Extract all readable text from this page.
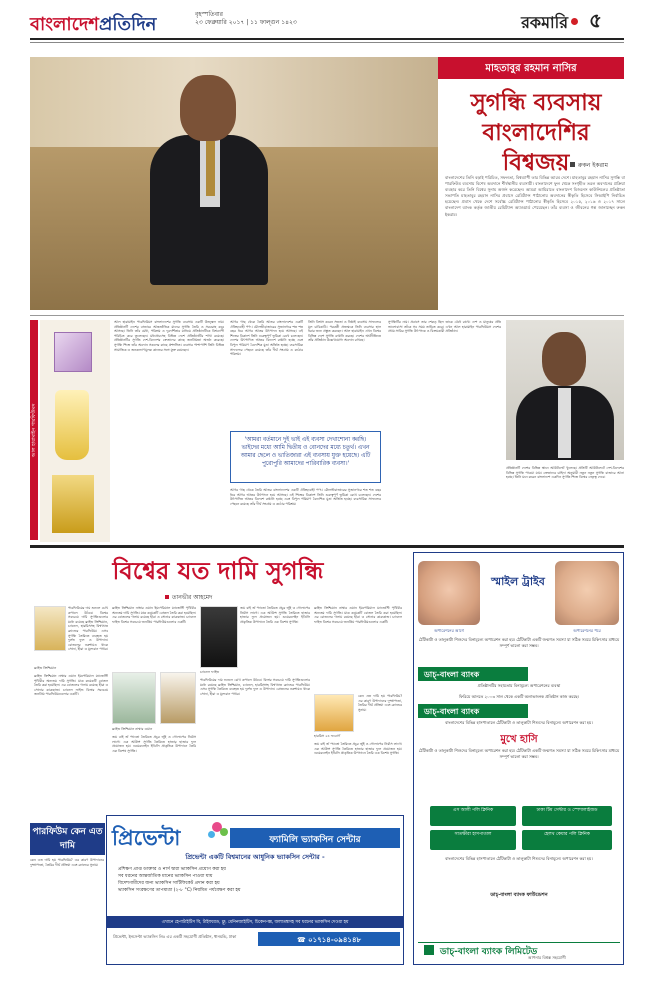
বাংলাদেশপ্রতিদিন	বৃহস্পতিবার
২৩ ফেব্রুয়ারি ২০১৭ | ১১ ফাল্গুন ১৪২৩	রকমারি ৫
মাহতাবুর রহমান নাসির
সুগন্ধি ব্যবসায়
বাংলাদেশির বিশ্বজয়	রুকন ইকরাম
বাংলাদেশের তিনি বড়াই পরিচিত, সফলতা, বিশ্বব্যাপী তার বিভিন্ন আরব দেশে। মাহতাবুর রহমান নাসির সুগন্ধি বা পারফিউম ব্যবসায় বিশেষ অবদানে শীর্ষস্থানীয় ব্যবসায়ী। বাংলাদেশে ফুল থেকে সংগৃহীত তরল অবদানের প্রক্রিয়া ব্যবহার করে তিনি বিশ্বের সুনাম অর্জন করেছেন। আমরা আমিরাতে বাংলাদেশ বিজনেস কাউন্সিলের প্রতিষ্ঠাতা সভাপতি মাহতাবুর রহমান নাসির প্রবাসে রেমিট্যান্স পাঠানোয় অবদানের স্বীকৃতি হিসেবে সিআইপি নির্বাচিত হয়েছেন। প্রবাস থেকে দেশে সর্বোচ্চ রেমিট্যান্স পাঠানোর স্বীকৃতি হিসেবে ২০১৫, ২০১৬ ও ২০১৭ সালে বাংলাদেশ ব্যাংক কর্তৃক জাতীয় রেমিট্যান্স অ্যাওয়ার্ড পেয়েছেন। তাঁর ব্যবসা ও জীবনের গল্প জানাচ্ছেন রুকন ইকরাম।
আল হারামাইন পারফিউমস
আল হারামাইন পারফিউমস বাংলাদেশের সুগন্ধি ব্যবসায় একটি উজ্জ্বল নাম। প্রতিষ্ঠানটি দেশের বাজারে আন্তর্জাতিক মানের সুগন্ধি তৈরি ও সরবরাহ করে আসছে। তিনি তাঁর মেধা, পরিশ্রম ও দূরদর্শিতার মাধ্যমে প্রতিষ্ঠানটিকে বিশ্বব্যাপী পরিচিত করে তুলেছেন। মধ্যপ্রাচ্যসহ বিভিন্ন দেশে প্রতিষ্ঠানটির শাখা রয়েছে। প্রতিষ্ঠানটির সুগন্ধি দেশ-বিদেশের ক্রেতাদের কাছে জনপ্রিয়তা অর্জন করেছে। সুগন্ধি শিল্পে তাঁর অবদান সকলের কাছে প্রশংসিত। ব্যবসার পাশাপাশি তিনি বিভিন্ন সামাজিক ও জনকল্যাণমূলক কাজের সঙ্গে যুক্ত রয়েছেন।
আগর গাছ থেকে তৈরি আতর বাংলাদেশের একটি ঐতিহ্যবাহী পণ্য। মৌলভীবাজারের সুজানগরে শত শত বছর ধরে আগর আতর উৎপাদন হয়ে আসছে। এই শিল্পের বিকাশে তিনি গুরুত্বপূর্ণ ভূমিকা রেখে চলেছেন। দেশের উৎপাদিত আতর বিদেশে রপ্তানি হচ্ছে এবং বিপুল পরিমাণ বৈদেশিক মুদ্রা অর্জিত হচ্ছে। ব্যবসায়িক সাফল্যের পেছনে রয়েছে তাঁর দীর্ঘ সংগ্রাম ও কঠোর পরিশ্রম।
তিনি বিশ্বাস করেন সততা ও নিষ্ঠাই ব্যবসায় সাফল্যের মূল চাবিকাঠি। পরবর্তী প্রজন্মকে তিনি ব্যবসার হাল ধরার জন্য প্রস্তুত করছেন। আল হারামাইন এখন বিশ্বের বিভিন্ন দেশে সুগন্ধি রপ্তানি করছে। দেশের অর্থনীতিতে তাঁর প্রতিষ্ঠান উল্লেখযোগ্য অবদান রাখছে।
'আমরা বর্তমানে দুই ভাই এই ব্যবসা দেখাশোনা করছি। ভাইদের মধ্যে আমি দ্বিতীয় ও বোনদের মধ্যে চতুর্থ। এখন আমার ছেলে ও ভাতিজারা এই ব্যবসায় যুক্ত হয়েছে। এটি পুরোপুরি আমাদের পারিবারিক ব্যবসা।'
আগর গাছ থেকে তৈরি আতর বাংলাদেশের একটি ঐতিহ্যবাহী পণ্য। মৌলভীবাজারের সুজানগরে শত শত বছর ধরে আগর আতর উৎপাদন হয়ে আসছে। এই শিল্পের বিকাশে তিনি গুরুত্বপূর্ণ ভূমিকা রেখে চলেছেন। দেশের উৎপাদিত আতর বিদেশে রপ্তানি হচ্ছে এবং বিপুল পরিমাণ বৈদেশিক মুদ্রা অর্জিত হচ্ছে। ব্যবসায়িক সাফল্যের পেছনে রয়েছে তাঁর দীর্ঘ সংগ্রাম ও কঠোর পরিশ্রম।
সুগন্ধিটির নাম। প্রবাসে তার শেকড় ছিল তাকে বেঁধে রাখে। দেশ ও মানুষের প্রতি ভালোবাসা তাঁকে সব সময় তাড়িত করে। এখন আল হারামাইন পারফিউমস দেশের প্রথম সারির সুগন্ধি উৎপাদক ও বিক্রয়কারী প্রতিষ্ঠান।
প্রতিষ্ঠানটি দেশের বিভিন্ন স্থানে আউটলেট খুলেছে। প্রতিটি আউটলেটে দেশ-বিদেশের বিভিন্ন সুগন্ধি পাওয়া যায়। ক্রেতাদের চাহিদা অনুযায়ী নতুন নতুন সুগন্ধি বাজারে আনা হচ্ছে। তিনি মনে করেন বাংলাদেশ একদিন সুগন্ধি শিল্পে বিশ্বের নেতৃত্ব দেবে।
বিশ্বের যত দামি সুগন্ধি
তানভীর আহমেদ
পারফিউমের দাম শুনলে চোখ কপালে উঠবে। বিশ্বের সবচেয়ে দামি সুগন্ধিগুলোর মধ্যে রয়েছে ক্লাইভ ক্রিশ্চিয়ান, চ্যানেল, হারমিসসহ বিশ্বখ্যাত ব্র্যান্ডের পারফিউম। এসব সুগন্ধি তৈরিতে ব্যবহৃত হয় দুর্লভ ফুল ও উপাদান। বোতলের নকশায়ও থাকে সোনা, হীরা ও মূল্যবান পাথর।
ক্লাইভ ক্রিশ্চিয়ান
ক্লাইভ ক্রিশ্চিয়ান নাম্বার ওয়ান ইমপেরিয়াল ম্যাজেস্টি পৃথিবীর অন্যতম দামি সুগন্ধি। মাত্র কয়েকটি বোতল তৈরি করা হয়েছিল। এর বোতলের গলায় রয়েছে হীরা ও সোনার কারুকাজ। চ্যানেল ফাইভ বিশ্বের সবচেয়ে জনপ্রিয় পারফিউমগুলোর একটি।
ক্লাইভ ক্রিশ্চিয়ান নাম্বার ওয়ান ইমপেরিয়াল ম্যাজেস্টি পৃথিবীর অন্যতম দামি সুগন্ধি। মাত্র কয়েকটি বোতল তৈরি করা হয়েছিল। এর বোতলের গলায় রয়েছে হীরা ও সোনার কারুকাজ। চ্যানেল ফাইভ বিশ্বের সবচেয়ে জনপ্রিয় পারফিউমগুলোর একটি।
ক্লাইভ ক্রিশ্চিয়ান নাম্বার ওয়ান
জয় বাই জঁ প্যাতো তৈরিতে প্রচুর জুঁই ও গোলাপের নির্যাস লাগে। এক আউন্স সুগন্ধি তৈরিতে হাজার হাজার ফুল প্রয়োজন হয়। গুয়েরলেইন ইডিলি প্রাকৃতিক উপাদানে তৈরি এক বিশেষ সুগন্ধি।
চ্যানেল ফাইভ
জয় বাই জঁ প্যাতো তৈরিতে প্রচুর জুঁই ও গোলাপের নির্যাস লাগে। এক আউন্স সুগন্ধি তৈরিতে হাজার হাজার ফুল প্রয়োজন হয়। গুয়েরলেইন ইডিলি প্রাকৃতিক উপাদানে তৈরি এক বিশেষ সুগন্ধি।
পারফিউমের দাম শুনলে চোখ কপালে উঠবে। বিশ্বের সবচেয়ে দামি সুগন্ধিগুলোর মধ্যে রয়েছে ক্লাইভ ক্রিশ্চিয়ান, চ্যানেল, হারমিসসহ বিশ্বখ্যাত ব্র্যান্ডের পারফিউম। এসব সুগন্ধি তৈরিতে ব্যবহৃত হয় দুর্লভ ফুল ও উপাদান। বোতলের নকশায়ও থাকে সোনা, হীরা ও মূল্যবান পাথর।
ক্লাইভ ক্রিশ্চিয়ান নাম্বার ওয়ান ইমপেরিয়াল ম্যাজেস্টি পৃথিবীর অন্যতম দামি সুগন্ধি। মাত্র কয়েকটি বোতল তৈরি করা হয়েছিল। এর বোতলের গলায় রয়েছে হীরা ও সোনার কারুকাজ। চ্যানেল ফাইভ বিশ্বের সবচেয়ে জনপ্রিয় পারফিউমগুলোর একটি।
হারমিস ২৪ ফবোর্গ
কেন এত দামি হয় পারফিউম? এর কারণ উপাদানের দুষ্প্রাপ্যতা, তৈরির দীর্ঘ প্রক্রিয়া এবং ব্র্যান্ডের সুনাম।
জয় বাই জঁ প্যাতো তৈরিতে প্রচুর জুঁই ও গোলাপের নির্যাস লাগে। এক আউন্স সুগন্ধি তৈরিতে হাজার হাজার ফুল প্রয়োজন হয়। গুয়েরলেইন ইডিলি প্রাকৃতিক উপাদানে তৈরি এক বিশেষ সুগন্ধি।
পারফিউম কেন এত দামি
কেন এত দামি হয় পারফিউম? এর কারণ উপাদানের দুষ্প্রাপ্যতা, তৈরির দীর্ঘ প্রক্রিয়া এবং ব্র্যান্ডের সুনাম।
প্রিভেন্টা	ফ্যামিলি ভ্যাকসিন সেন্টার
প্রিভেন্টা একটি বিশ্বমানের আধুনিক ভ্যাকসিন সেন্টার -
প্রশিক্ষণ প্রাপ্ত ডাক্তার ও নার্স দ্বারা ভ্যাকসিন প্রয়োগ করা হয়
সব ধরনের আন্তর্জাতিক মানের ভ্যাকসিন পাওয়া যায়
বিদেশগামীদের জন্য ভ্যাকসিন সার্টিফিকেট প্রদান করা হয়
ভ্যাকসিন সংরক্ষণের তাপমাত্রা (২-৮ °C) নিয়মিত পর্যবেক্ষণ করা হয়
এখানে হেপাটাইটিস বি, টাইফয়েড, ফ্লু, মেনিনজাইটিস, চিকেনপক্স, জলাতঙ্কসহ সব ধরনের ভ্যাকসিন দেওয়া হয়
প্রিভেন্টা, ইনসেপ্টা ভ্যাকসিন লিঃ এর একটি সহযোগী প্রতিষ্ঠান, ধানমন্ডি, ঢাকা	☎ ০১৭১৪-০৯৪১৪৮
স্মাইল ট্রাইব
অপারেশনের আগে	অপারেশনের পরে
ঠোঁটকাটা ও তালুকাটা শিশুদের বিনামূল্যে অপারেশন করা হয়। ঠোঁটকাটা একটি জন্মগত সমস্যা যা সঠিক সময়ে চিকিৎসার মাধ্যমে সম্পূর্ণ ভালো করা সম্ভব।
ডাচ্-বাংলা ব্যাংক
প্রতিষ্ঠানটির সহায়তায় বিনামূল্যে অপারেশনের ব্যবস্থা
ফিরিয়ে আনতে ২০০৩ সাল থেকে একটি অলাভজনক প্রতিষ্ঠান কাজ করছে।
ডাচ্-বাংলা ব্যাংক
বাংলাদেশের বিভিন্ন হাসপাতালে ঠোঁটকাটা ও তালুকাটা শিশুদের বিনামূল্যে অপারেশন করা হয়।
মুখে হাসি
ঠোঁটকাটা ও তালুকাটা শিশুদের বিনামূল্যে অপারেশন করা হয়। ঠোঁটকাটা একটি জন্মগত সমস্যা যা সঠিক সময়ে চিকিৎসার মাধ্যমে সম্পূর্ণ ভালো করা সম্ভব।
এস আলী পলি ক্লিনিক	ঢাকা টিম সেন্টার ও স্পেশালাইজড
সাতক্ষীরা হাসপাতাল	হেলথ কেয়ার পলি ক্লিনিক
বাংলাদেশের বিভিন্ন হাসপাতালে ঠোঁটকাটা ও তালুকাটা শিশুদের বিনামূল্যে অপারেশন করা হয়।
ডাচ্-বাংলা ব্যাংক ফাউন্ডেশন
ডাচ্-বাংলা ব্যাংক লিমিটেড
আপনার বিশ্বস্ত সহযোগী
